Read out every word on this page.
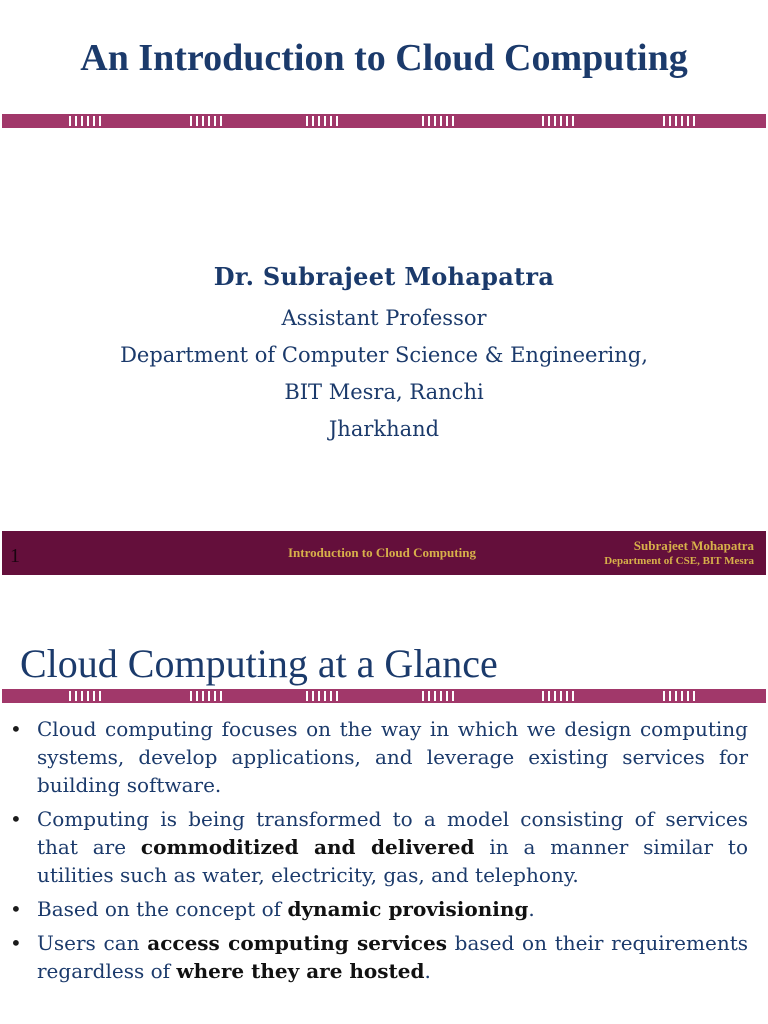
An Introduction to Cloud Computing

Dr. Subrajeet Mohapatra

Assistant Professor

Department of Computer Science & Engineering,

BIT Mesra, Ranchi

Jharkhand

1	Introduction to Cloud Computing	Subrajeet Mohapatra
Department of CSE, BIT Mesra
Cloud Computing at a Glance
• Cloud computing focuses on the way in which we design computing systems, develop applications, and leverage existing services for building software.
• Computing is being transformed to a model consisting of services that are commoditized and delivered in a manner similar to utilities such as water, electricity, gas, and telephony.
• Based on the concept of dynamic provisioning.
• Users can access computing services based on their requirements regardless of where they are hosted.
